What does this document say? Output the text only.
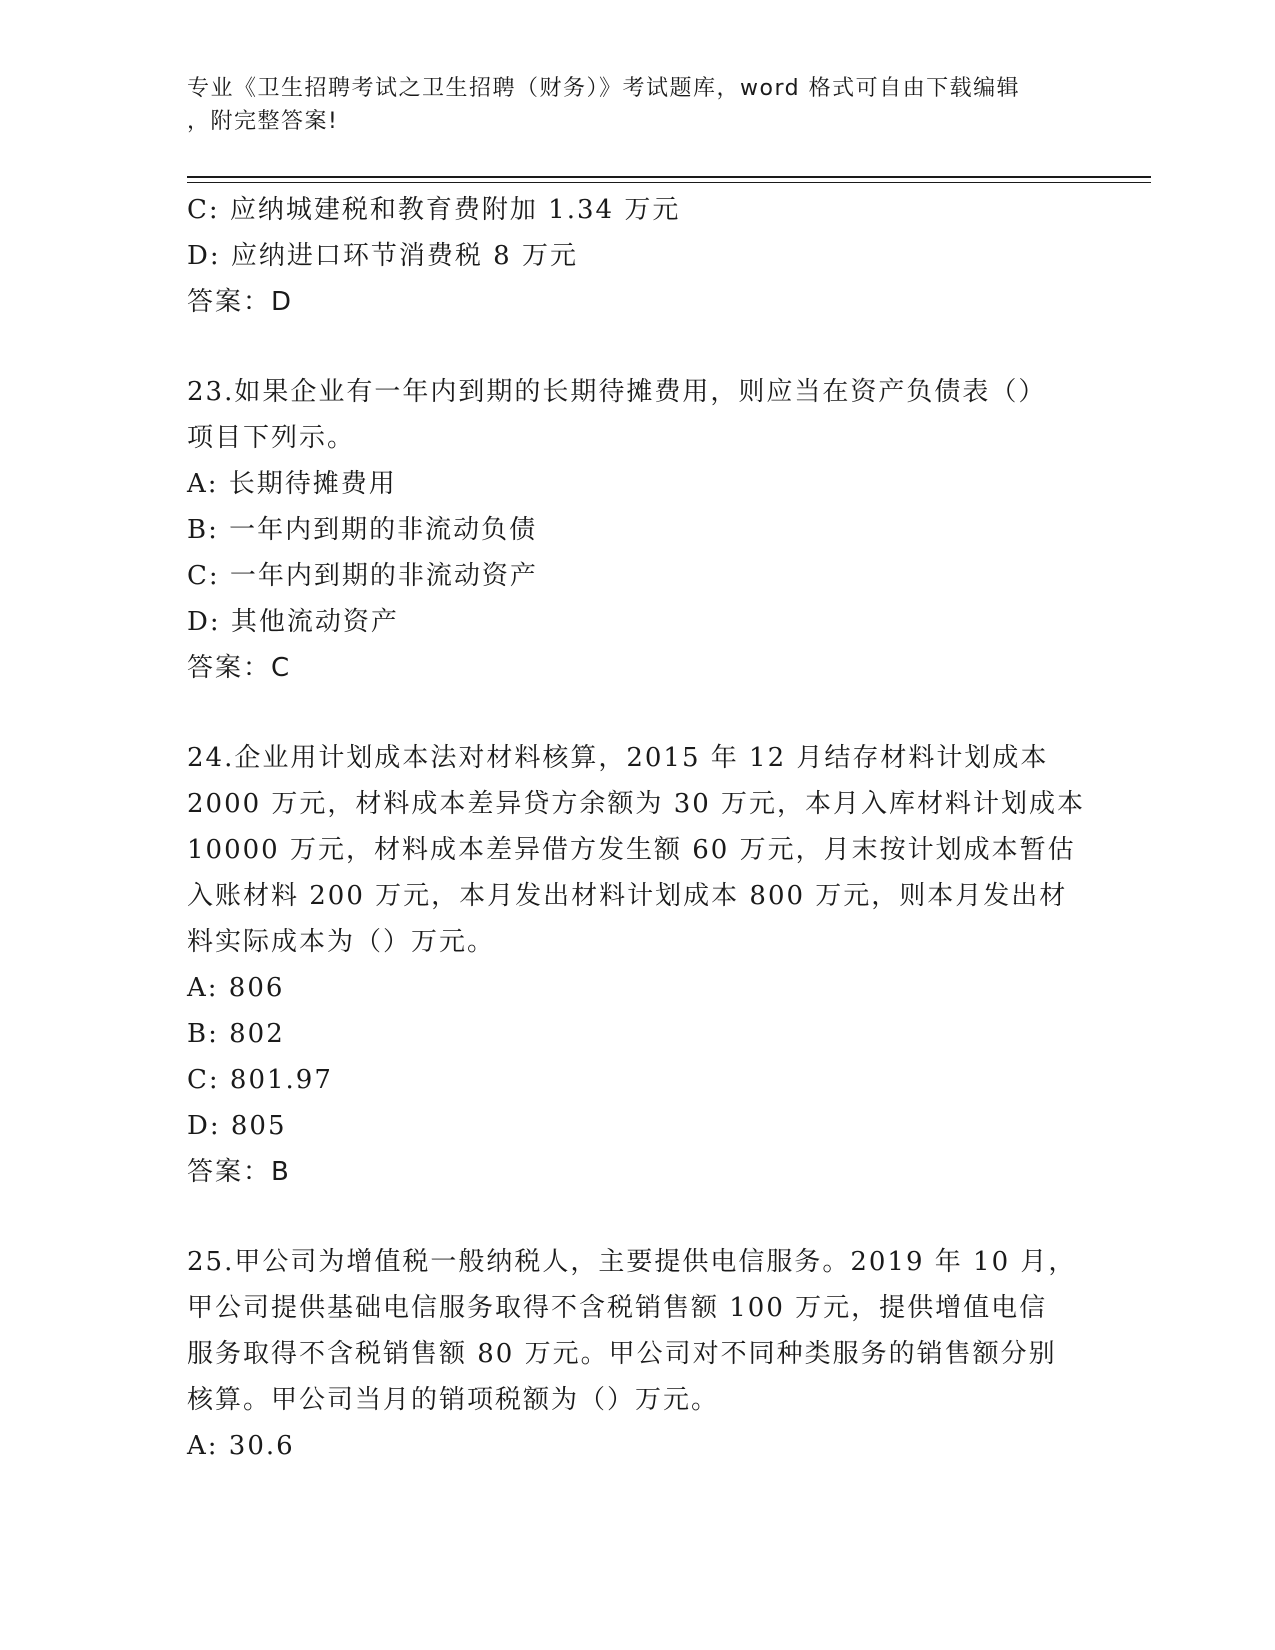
专业《卫生招聘考试之卫生招聘（财务）》考试题库，word 格式可自由下载编辑
，附完整答案!
C: 应纳城建税和教育费附加 1.34 万元
D: 应纳进口环节消费税 8 万元
答案：D
23.如果企业有一年内到期的长期待摊费用，则应当在资产负债表（）
项目下列示。
A: 长期待摊费用
B: 一年内到期的非流动负债
C: 一年内到期的非流动资产
D: 其他流动资产
答案：C
24.企业用计划成本法对材料核算，2015 年 12 月结存材料计划成本
2000 万元，材料成本差异贷方余额为 30 万元，本月入库材料计划成本
10000 万元，材料成本差异借方发生额 60 万元，月末按计划成本暂估
入账材料 200 万元，本月发出材料计划成本 800 万元，则本月发出材
料实际成本为（）万元。
A: 806
B: 802
C: 801.97
D: 805
答案：B
25.甲公司为增值税一般纳税人，主要提供电信服务。2019 年 10 月，
甲公司提供基础电信服务取得不含税销售额 100 万元，提供增值电信
服务取得不含税销售额 80 万元。甲公司对不同种类服务的销售额分别
核算。甲公司当月的销项税额为（）万元。
A: 30.6
